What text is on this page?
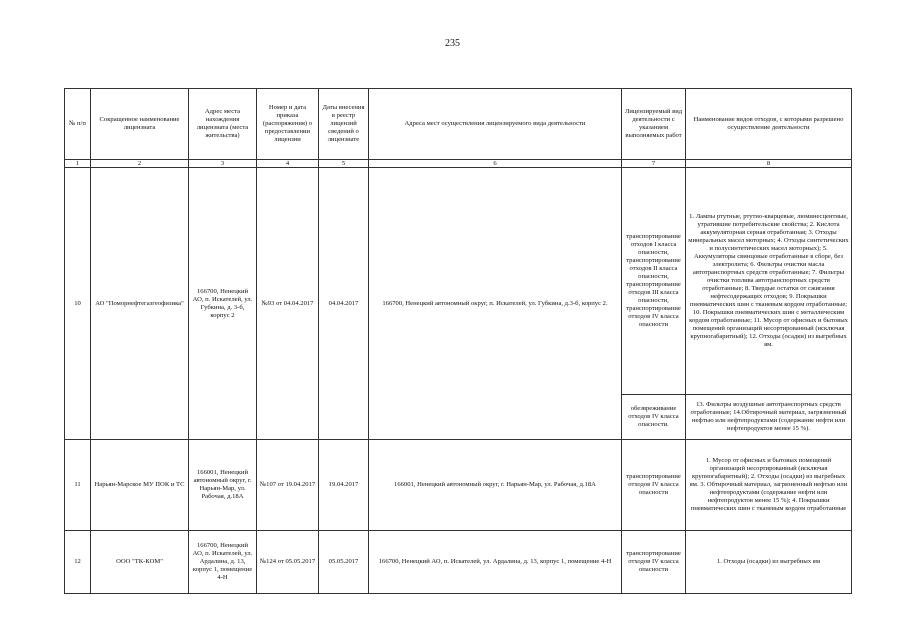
235
№ п/п	Сокращенное наименование лицензиата	Адрес места нахождения лицензиата (места жительства)	Номер и дата приказа (распоряжения) о предоставлении лицензии	Даты внесения в реестр лицензий сведений о лицензиате	Адреса мест осуществления лицензируемого вида деятельности	Лицензируемый вид деятельности с указанием выполняемых работ	Наименование видов отходов, с которыми разрешено осуществление деятельности
1	2	3	4	5	6	7	8
10	АО "Поморнефтегазгеофизика"	166700, Ненецкий АО, п. Искателей, ул. Губкина, д. 3-б, корпус 2	№93 от 04.04.2017	04.04.2017	166700, Ненецкий автономный округ, п. Искателей, ул. Губкина, д.3-б, корпус 2.	транспортирование отходов I класса опасности, транспортирование отходов II класса опасности, транспортирование отходов III класса опасности, транспортирование отходов IV класса опасности	1. Лампы ртутные, ртутно-кварцевые, люминесцентные, утратившие потребительские свойства; 2. Кислота аккумуляторная серная отработанная; 3. Отходы минеральных масел моторных; 4. Отходы синтетических и полусинтетических масел моторных); 5. Аккумуляторы свинцовые отработанные в сборе, без электролита; 6. Фильтры очистки масла автотранспортных средств отработанные; 7. Фильтры очистки топлива автотранспортных средств отработанные; 8. Твердые остатки от сжигания нефтесодержащих отходов; 9. Покрышки пневматических шин с тканевым кордом отработанные; 10. Покрышки пневматических шин с металлическим кордом отработанные; 11. Мусор от офисных и бытовых помещений организаций несортированный (исключая крупногабаритный); 12. Отходы (осадки) из выгребных ям.
						обезвреживание отходов IV класса опасности.	13. Фильтры воздушные автотранспортных средств отработанные; 14.Обтирочный материал, загрязненный нефтью или нефтепродуктами (содержание нефти или нефтепродуктов менее 15 %).
11	Нарьян-Марское МУ ПОК и ТС	166001, Ненецкий автономный округ, г. Нарьян-Мар, ул. Рабочая, д.18А	№107 от 19.04.2017	19.04.2017	166001, Ненецкий автономный округ, г. Нарьян-Мар, ул. Рабочая, д.18А	транспортирование отходов IV класса опасности	1. Мусор от офисных и бытовых помещений организаций несортированный (исключая крупногабаритный); 2. Отходы (осадки) из выгребных ям. 3. Обтирочный материал, загрязненный нефтью или нефтепродуктами (содержание нефти или нефтепродуктов менее 15 %); 4. Покрышки пневматических шин с тканевым кордом отработанные
12	ООО "ТК-КОМ"	166700, Ненецкий АО, п. Искателей, ул. Ардалина, д. 13, корпус 1, помещение 4-Н	№124 от 05.05.2017	05.05.2017	166700, Ненецкий АО, п. Искателей, ул. Ардалина, д. 13, корпус 1, помещение 4-Н	транспортирование отходов IV класса опасности	1. Отходы (осадки) из выгребных ям
